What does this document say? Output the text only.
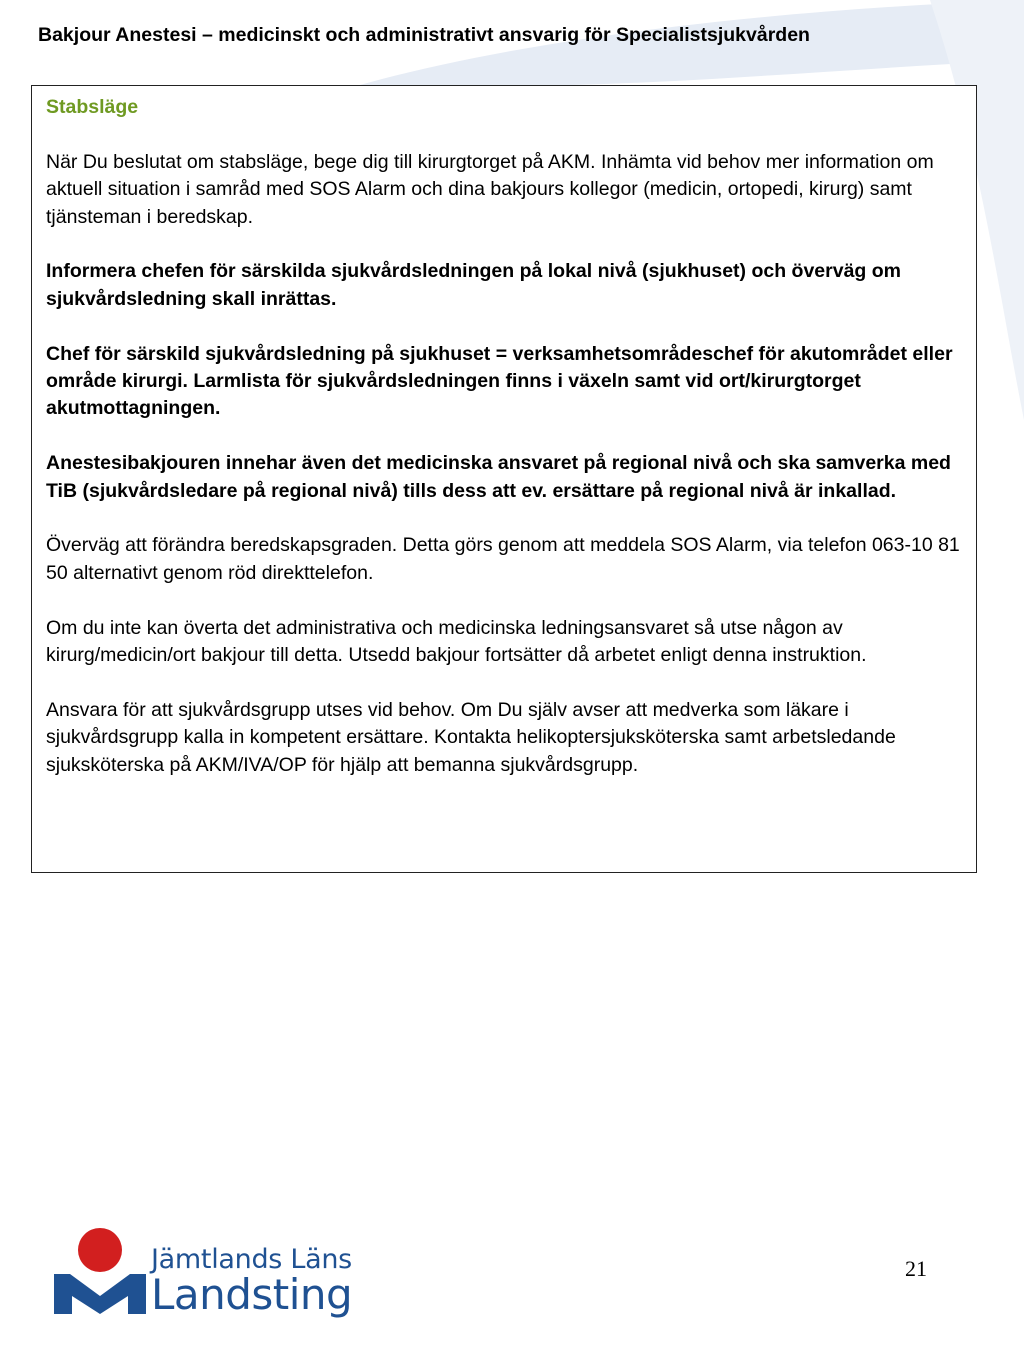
Bakjour Anestesi – medicinskt och administrativt ansvarig för Specialistsjukvården
Stabsläge
När Du beslutat om stabsläge, bege dig till kirurgtorget på AKM. Inhämta vid behov mer information om aktuell situation i samråd med SOS Alarm och dina bakjours kollegor (medicin, ortopedi, kirurg) samt tjänsteman i beredskap.
Informera chefen för särskilda sjukvårdsledningen på lokal nivå (sjukhuset) och överväg om sjukvårdsledning skall inrättas.
Chef för särskild sjukvårdsledning på sjukhuset = verksamhetsområdeschef för akutområdet eller område kirurgi. Larmlista för sjukvårdsledningen finns i växeln samt vid ort/kirurgtorget akutmottagningen.
Anestesibakjouren innehar även det medicinska ansvaret på regional nivå och ska samverka med TiB (sjukvårdsledare på regional nivå) tills dess att ev. ersättare på regional nivå är inkallad.
Överväg att förändra beredskapsgraden. Detta görs genom att meddela SOS Alarm, via telefon 063-10 81 50 alternativt genom röd direkttelefon.
Om du inte kan överta det administrativa och medicinska ledningsansvaret så utse någon av kirurg/medicin/ort bakjour till detta. Utsedd bakjour fortsätter då arbetet enligt denna instruktion.
Ansvara för att sjukvårdsgrupp utses vid behov. Om Du själv avser att medverka som läkare i sjukvårdsgrupp kalla in kompetent ersättare. Kontakta helikoptersjuksköterska samt arbetsledande sjuksköterska på AKM/IVA/OP för hjälp att bemanna sjukvårdsgrupp.
Jämtlands Läns
Landsting
21
